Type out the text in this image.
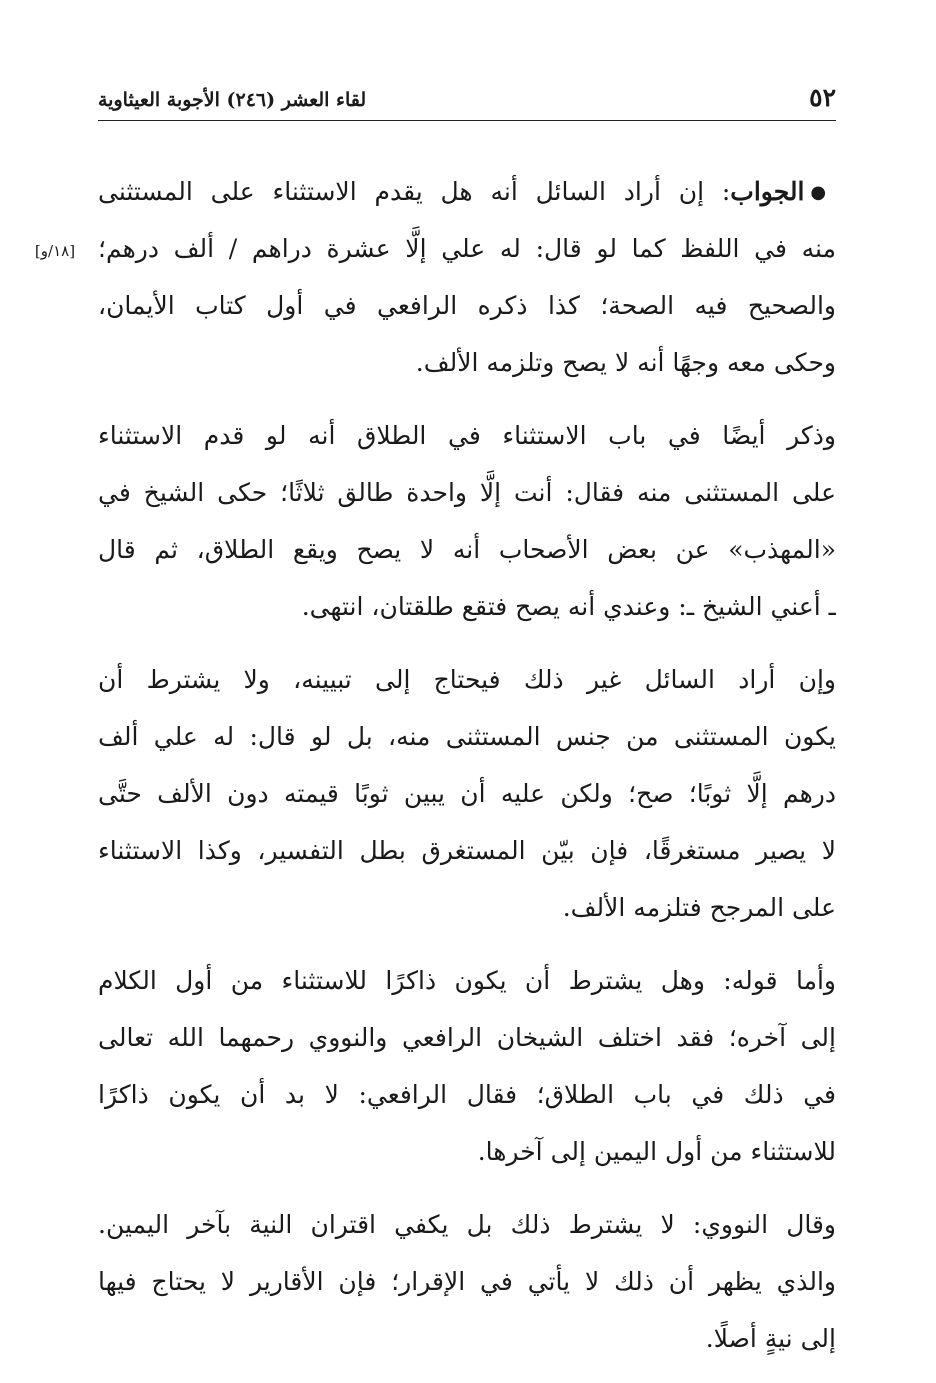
٥٢
لقاء العشر (٢٤٦) الأجوبة العيثاوية
[١٨/و]
●الجواب: إن أراد السائل أنه هل يقدم الاستثناء على المستثنى
منه في اللفظ كما لو قال: له علي إلَّا عشرة دراهم / ألف درهم؛
والصحيح فيه الصحة؛ كذا ذكره الرافعي في أول كتاب الأيمان،
وحكى معه وجهًا أنه لا يصح وتلزمه الألف.
وذكر أيضًا في باب الاستثناء في الطلاق أنه لو قدم الاستثناء
على المستثنى منه فقال: أنت إلَّا واحدة طالق ثلاثًا؛ حكى الشيخ في
«المهذب» عن بعض الأصحاب أنه لا يصح ويقع الطلاق، ثم قال
ـ أعني الشيخ ـ: وعندي أنه يصح فتقع طلقتان، انتهى.
وإن أراد السائل غير ذلك فيحتاج إلى تبيينه، ولا يشترط أن
يكون المستثنى من جنس المستثنى منه، بل لو قال: له علي ألف
درهم إلَّا ثوبًا؛ صح؛ ولكن عليه أن يبين ثوبًا قيمته دون الألف حتَّى
لا يصير مستغرقًا، فإن بيّن المستغرق بطل التفسير، وكذا الاستثناء
على المرجح فتلزمه الألف.
وأما قوله: وهل يشترط أن يكون ذاكرًا للاستثناء من أول الكلام
إلى آخره؛ فقد اختلف الشيخان الرافعي والنووي رحمهما الله تعالى
في ذلك في باب الطلاق؛ فقال الرافعي: لا بد أن يكون ذاكرًا
للاستثناء من أول اليمين إلى آخرها.
وقال النووي: لا يشترط ذلك بل يكفي اقتران النية بآخر اليمين.
والذي يظهر أن ذلك لا يأتي في الإقرار؛ فإن الأقارير لا يحتاج فيها
إلى نيةٍ أصلًا.
